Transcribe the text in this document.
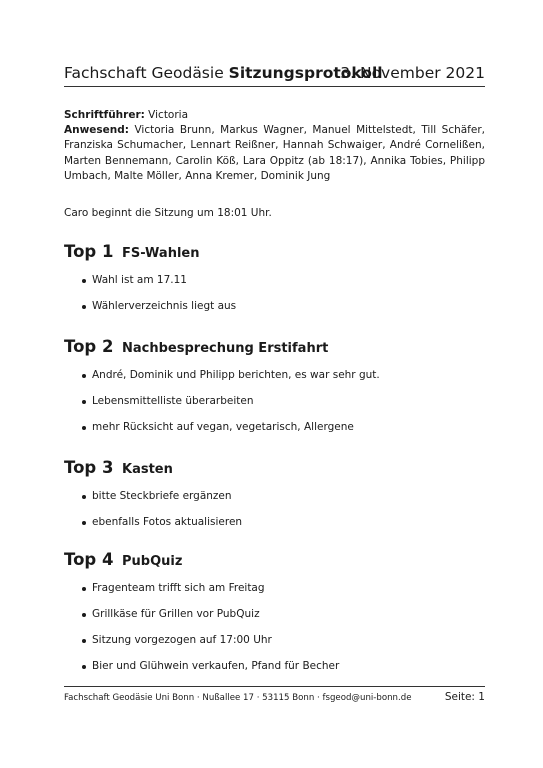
Fachschaft Geodäsie Sitzungsprotokoll
3. November 2021
Schriftführer: Victoria
Anwesend: Victoria Brunn, Markus Wagner, Manuel Mittelstedt, Till Schäfer, Franziska Schumacher, Lennart Reißner, Hannah Schwaiger, André Cornelißen, Marten Bennemann, Carolin Köß, Lara Oppitz (ab 18:17), Annika Tobies, Philipp Umbach, Malte Möller, Anna Kremer, Dominik Jung
Caro beginnt die Sitzung um 18:01 Uhr.
Top 1 FS-Wahlen
Wahl ist am 17.11
Wählerverzeichnis liegt aus
Top 2 Nachbesprechung Erstifahrt
André, Dominik und Philipp berichten, es war sehr gut.
Lebensmittelliste überarbeiten
mehr Rücksicht auf vegan, vegetarisch, Allergene
Top 3 Kasten
bitte Steckbriefe ergänzen
ebenfalls Fotos aktualisieren
Top 4 PubQuiz
Fragenteam trifft sich am Freitag
Grillkäse für Grillen vor PubQuiz
Sitzung vorgezogen auf 17:00 Uhr
Bier und Glühwein verkaufen, Pfand für Becher
Fachschaft Geodäsie Uni Bonn · Nußallee 17 · 53115 Bonn · fsgeod@uni-bonn.de	Seite: 1
